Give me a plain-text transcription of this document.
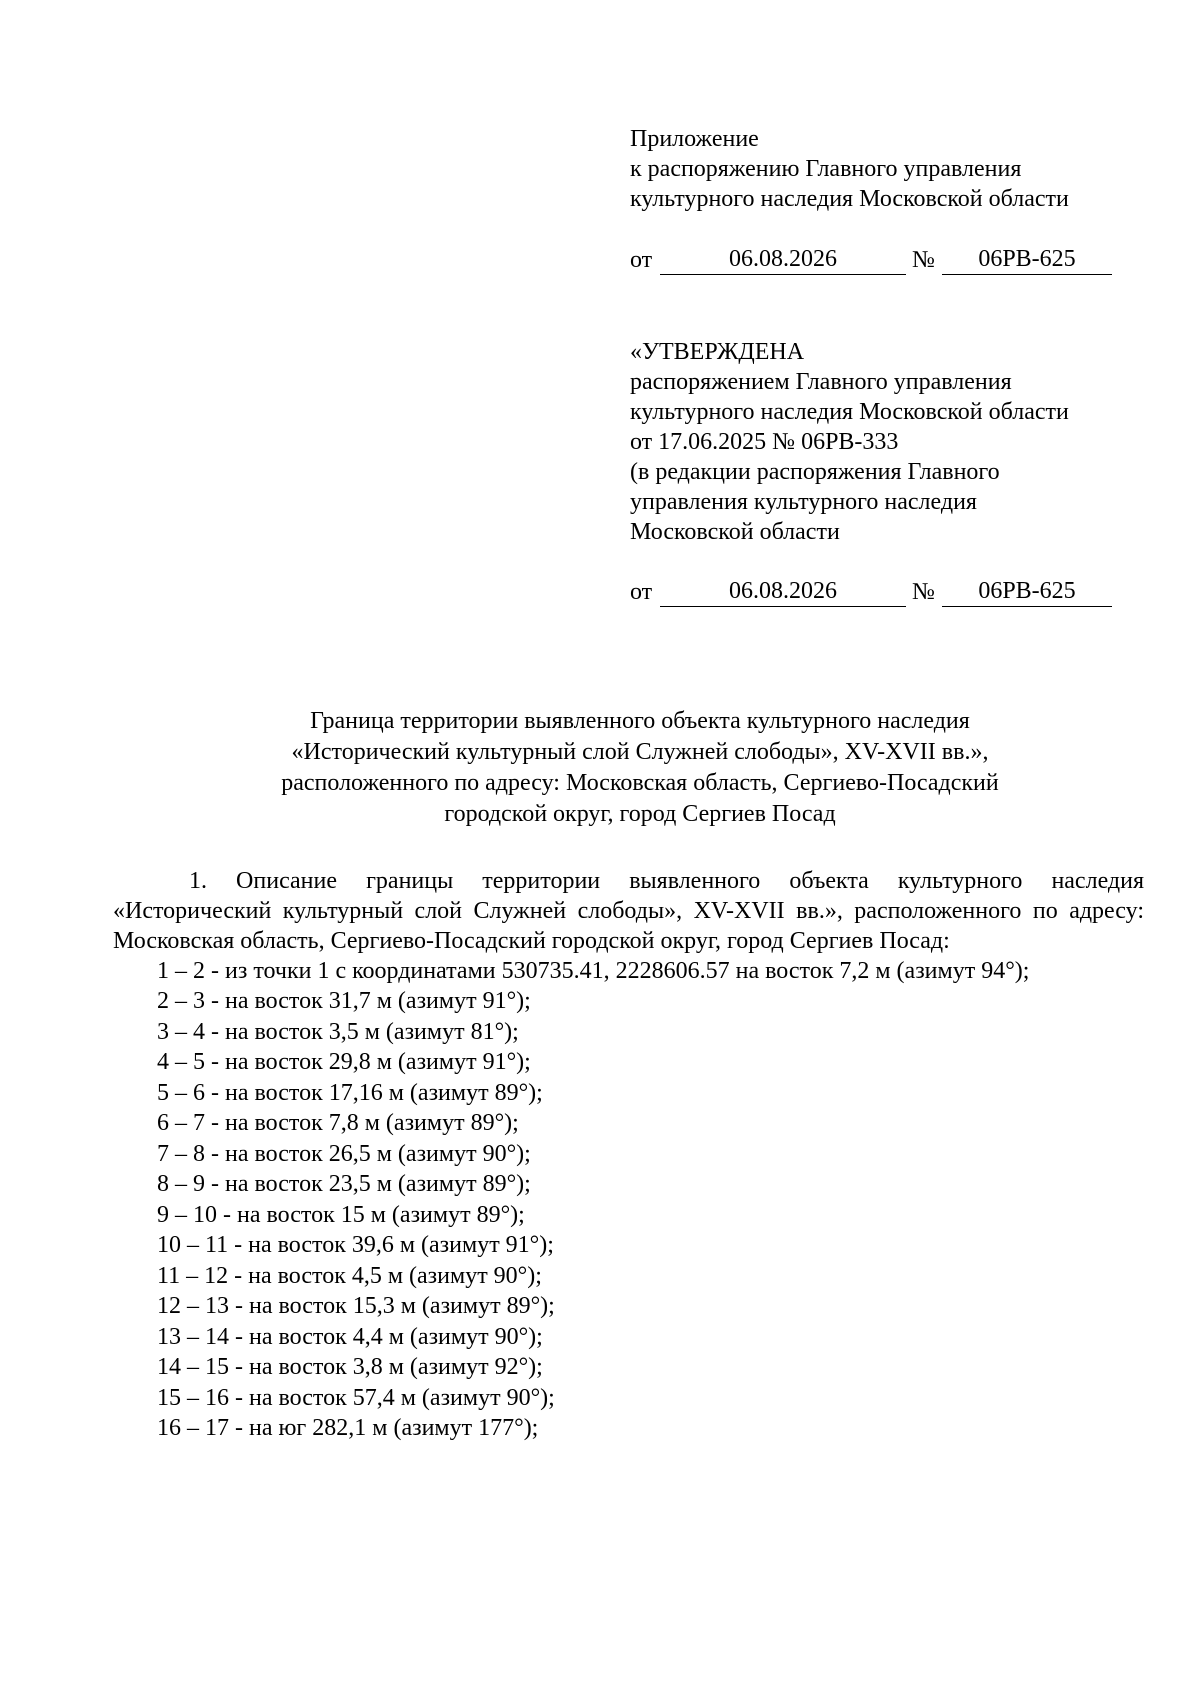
Приложение
к распоряжению Главного управления
культурного наследия Московской области
от	06.08.2026	№	06РВ-625
«УТВЕРЖДЕНА
распоряжением Главного управления
культурного наследия Московской области
от 17.06.2025 № 06РВ-333
(в редакции распоряжения Главного
управления культурного наследия
Московской области
от	06.08.2026	№	06РВ-625
Граница территории выявленного объекта культурного наследия
«Исторический культурный слой Служней слободы», XV-XVII вв.»,
расположенного по адресу: Московская область, Сергиево-Посадский
городской округ, город Сергиев Посад

1. Описание границы территории выявленного объекта культурного наследия «Исторический культурный слой Служней слободы», XV-XVII вв.», расположенного по адресу: Московская область, Сергиево-Посадский городской округ, город Сергиев Посад:

1 – 2 - из точки 1 с координатами 530735.41, 2228606.57 на восток 7,2 м (азимут 94°);

2 – 3 - на восток 31,7 м (азимут 91°);
3 – 4 - на восток 3,5 м (азимут 81°);
4 – 5 - на восток 29,8 м (азимут 91°);
5 – 6 - на восток 17,16 м (азимут 89°);
6 – 7 - на восток 7,8 м (азимут 89°);
7 – 8 - на восток 26,5 м (азимут 90°);
8 – 9 - на восток 23,5 м (азимут 89°);
9 – 10 - на восток 15 м (азимут 89°);
10 – 11 - на восток 39,6 м (азимут 91°);
11 – 12 - на восток 4,5 м (азимут 90°);
12 – 13 - на восток 15,3 м (азимут 89°);
13 – 14 - на восток 4,4 м (азимут 90°);
14 – 15 - на восток 3,8 м (азимут 92°);
15 – 16 - на восток 57,4 м (азимут 90°);
16 – 17 - на юг 282,1 м (азимут 177°);
